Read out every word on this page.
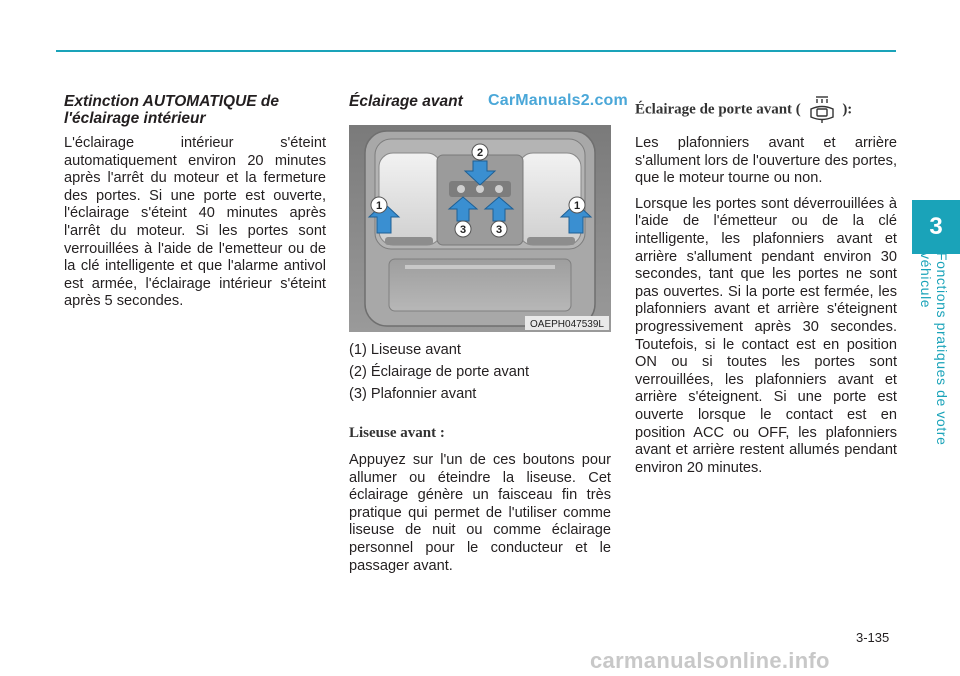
CarManuals2.com

Extinction AUTOMATIQUE de l'éclairage intérieur

L'éclairage intérieur s'éteint automatiquement environ 20 minutes après l'arrêt du moteur et la fermeture des portes. Si une porte est ouverte, l'éclairage s'éteint 40 minutes après l'arrêt du moteur. Si les portes sont verrouillées à l'aide de l'emetteur ou de la clé intelligente et que l'alarme antivol est armée, l'éclairage intérieur s'éteint après 5 secondes.

Éclairage avant

1
2
1
3	3
OAEPH047539L

(1) Liseuse avant

(2) Éclairage de porte avant

(3) Plafonnier avant

Liseuse avant :

Appuyez sur l'un de ces boutons pour allumer ou éteindre la liseuse. Cet éclairage génère un faisceau fin très pratique qui permet de l'utiliser comme liseuse de nuit ou comme éclairage personnel pour le conducteur et le passager avant.

Éclairage de porte avant (	):

Les plafonniers avant et arrière s'allument lors de l'ouverture des portes, que le moteur tourne ou non.

Lorsque les portes sont déverrouillées à l'aide de l'émetteur ou de la clé intelligente, les plafonniers avant et arrière s'allument pendant environ 30 secondes, tant que les portes ne sont pas ouvertes. Si la porte est fermée, les plafonniers avant et arrière s'éteignent progressivement après 30 secondes. Toutefois, si le contact est en position ON ou si toutes les portes sont verrouillées, les plafonniers avant et arrière s'éteignent. Si une porte est ouverte lorsque le contact est en position ACC ou OFF, les plafonniers avant et arrière restent allumés pendant environ 20 minutes.

3
Fonctions pratiques de votre véhicule
3-135
carmanualsonline.info
